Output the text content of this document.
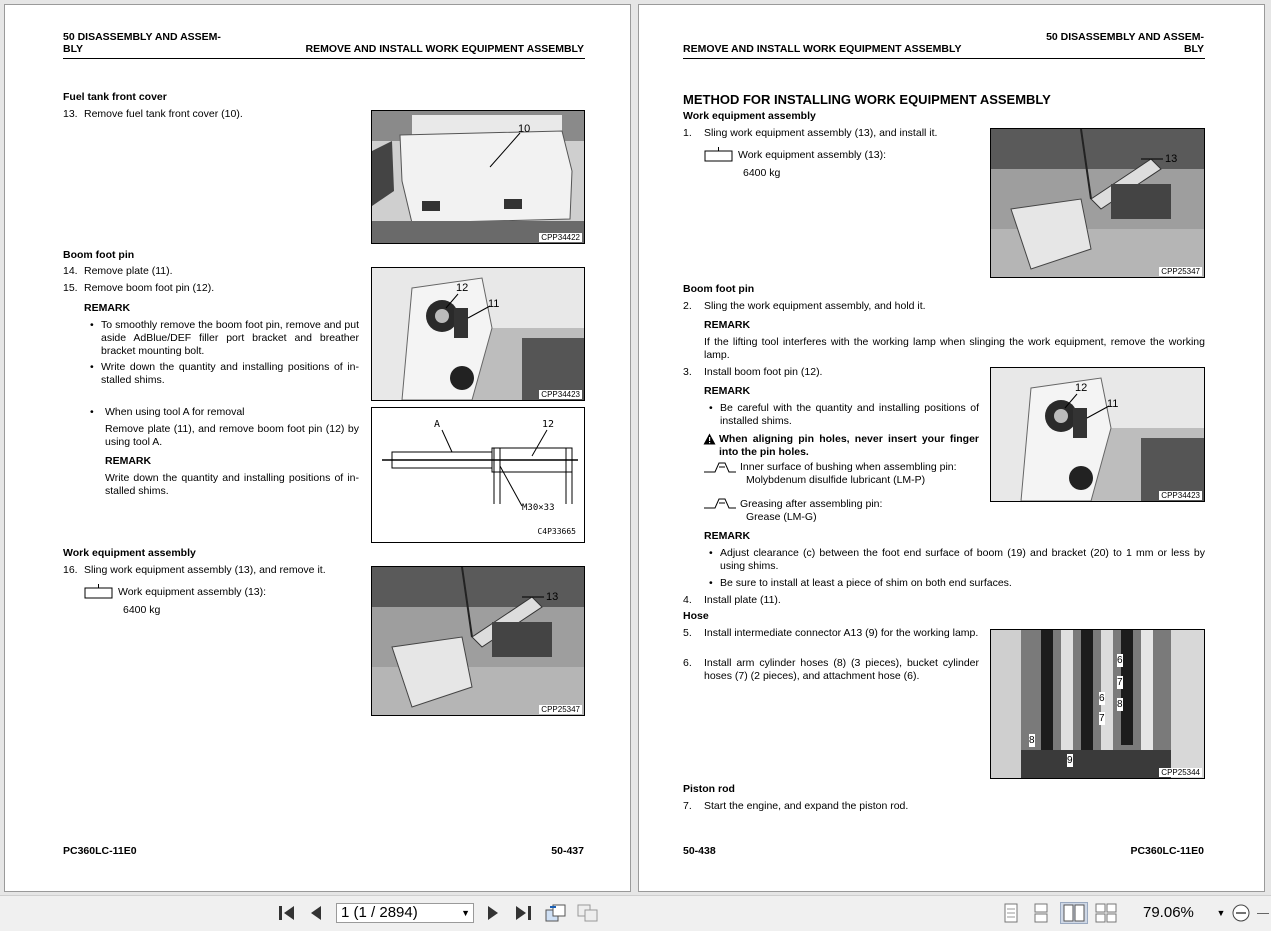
50 DISASSEMBLY AND ASSEM-
BLY	REMOVE AND INSTALL WORK EQUIPMENT ASSEMBLY
Fuel tank front cover
13. Remove fuel tank front cover (10).
10
CPP34422
Boom foot pin
14. Remove plate (11).
15. Remove boom foot pin (12).
REMARK
• To smoothly remove the boom foot pin, remove and put aside AdBlue/DEF filler port bracket and breather bracket mounting bolt.
• Write down the quantity and installing positions of in-stalled shims.
12
11
CPP34423
• When using tool A for removal
Remove plate (11), and remove boom foot pin (12) by using tool A.
REMARK
Write down the quantity and installing positions of in-stalled shims.
A	12
M30×33
C4P33665
Work equipment assembly
16. Sling work equipment assembly (13), and remove it.
Work equipment assembly (13):
6400 kg
13
CPP25347
PC360LC-11E0	50-437
REMOVE AND INSTALL WORK EQUIPMENT ASSEMBLY
50 DISASSEMBLY AND ASSEM-
BLY
METHOD FOR INSTALLING WORK EQUIPMENT ASSEMBLY
Work equipment assembly
1. Sling work equipment assembly (13), and install it.
Work equipment assembly (13):
6400 kg
13
CPP25347
Boom foot pin
2. Sling the work equipment assembly, and hold it.
REMARK
If the lifting tool interferes with the working lamp when slinging the work equipment, remove the working lamp.
3. Install boom foot pin (12).
REMARK
• Be careful with the quantity and installing positions of installed shims.
When aligning pin holes, never insert your finger into the pin holes.
Inner surface of bushing when assembling pin:
Molybdenum disulfide lubricant (LM-P)
Greasing after assembling pin:
Grease (LM-G)
REMARK
• Adjust clearance (c) between the foot end surface of boom (19) and bracket (20) to 1 mm or less by using shims.
• Be sure to install at least a piece of shim on both end surfaces.
12
11
CPP34423
4. Install plate (11).
Hose
5. Install intermediate connector A13 (9) for the working lamp.
6. Install arm cylinder hoses (8) (3 pieces), bucket cylinder hoses (7) (2 pieces), and attachment hose (6).
6
7
6
8
7
8
9
CPP25344
Piston rod
7. Start the engine, and expand the piston rod.
50-438	PC360LC-11E0
1 (1 / 2894)	▼	79.06%	▼
